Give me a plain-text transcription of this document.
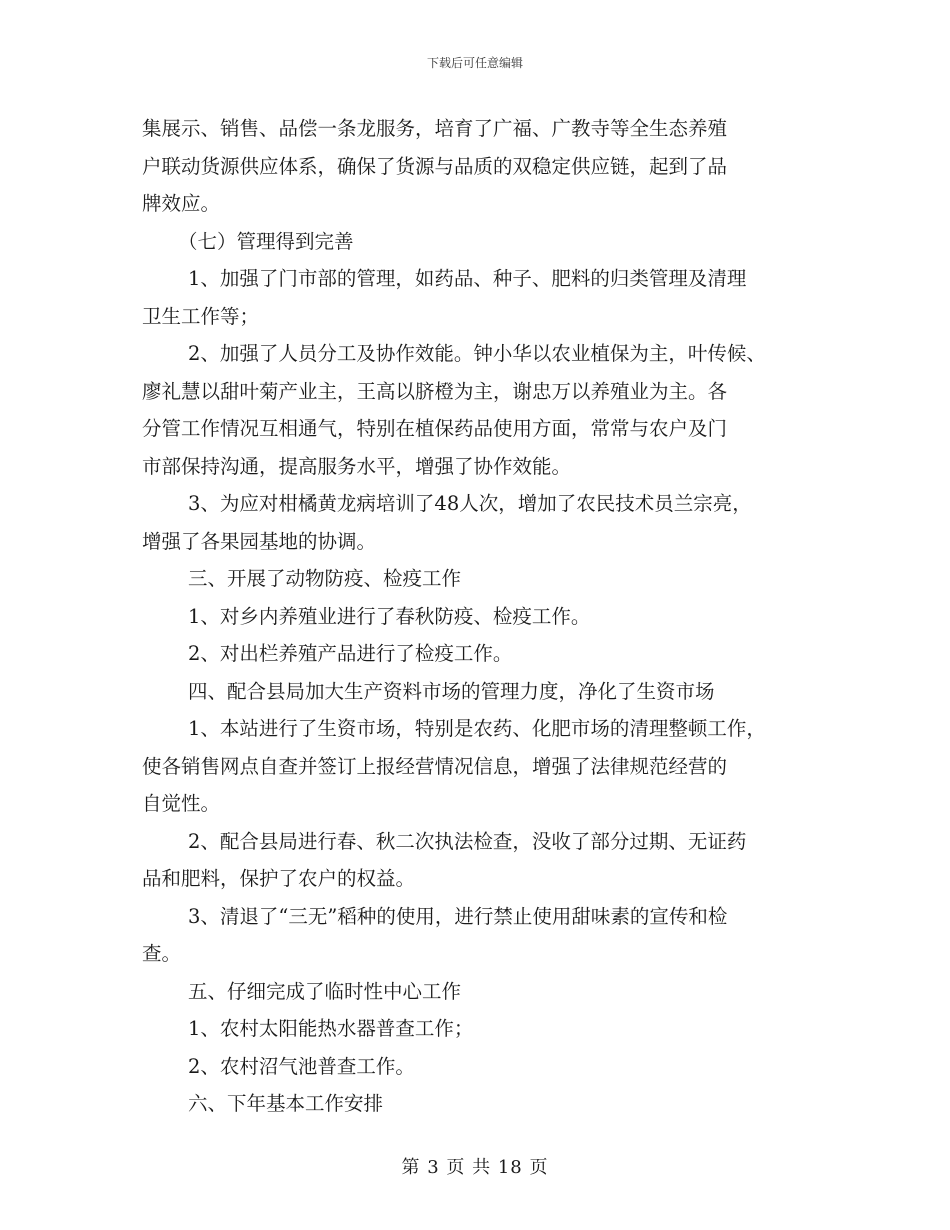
下载后可任意编辑

集展示、销售、品偿一条龙服务，培育了广福、广教寺等全生态养殖

户联动货源供应体系，确保了货源与品质的双稳定供应链，起到了品

牌效应。

（七）管理得到完善

1、加强了门市部的管理，如药品、种子、肥料的归类管理及清理

卫生工作等；

2、加强了人员分工及协作效能。钟小华以农业植保为主，叶传候、

廖礼慧以甜叶菊产业主，王高以脐橙为主，谢忠万以养殖业为主。各

分管工作情况互相通气，特别在植保药品使用方面，常常与农户及门

市部保持沟通，提高服务水平，增强了协作效能。

3、为应对柑橘黄龙病培训了48人次，增加了农民技术员兰宗亮，

增强了各果园基地的协调。

三、开展了动物防疫、检疫工作

1、对乡内养殖业进行了春秋防疫、检疫工作。

2、对出栏养殖产品进行了检疫工作。

四、配合县局加大生产资料市场的管理力度，净化了生资市场

1、本站进行了生资市场，特别是农药、化肥市场的清理整顿工作，

使各销售网点自查并签订上报经营情况信息，增强了法律规范经营的

自觉性。

2、配合县局进行春、秋二次执法检查，没收了部分过期、无证药

品和肥料，保护了农户的权益。

3、清退了“三无”稻种的使用，进行禁止使用甜味素的宣传和检

查。

五、仔细完成了临时性中心工作

1、农村太阳能热水器普查工作；

2、农村沼气池普查工作。

六、下年基本工作安排

第 3 页 共 18 页
